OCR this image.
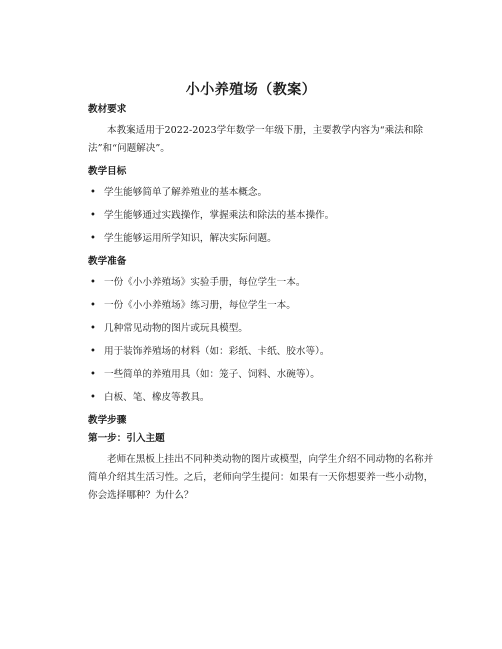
小小养殖场（教案）
教材要求

本教案适用于2022-2023学年数学一年级下册，主要教学内容为“乘法和除法”和“问题解决”。

教学目标
• 学生能够简单了解养殖业的基本概念。
• 学生能够通过实践操作，掌握乘法和除法的基本操作。
• 学生能够运用所学知识，解决实际问题。
教学准备
• 一份《小小养殖场》实验手册，每位学生一本。
• 一份《小小养殖场》练习册，每位学生一本。
• 几种常见动物的图片或玩具模型。
• 用于装饰养殖场的材料（如：彩纸、卡纸、胶水等）。
• 一些简单的养殖用具（如：笼子、饲料、水碗等）。
• 白板、笔、橡皮等教具。
教学步骤
第一步：引入主题

老师在黑板上挂出不同种类动物的图片或模型，向学生介绍不同动物的名称并简单介绍其生活习性。之后，老师向学生提问：如果有一天你想要养一些小动物，你会选择哪种？为什么？
